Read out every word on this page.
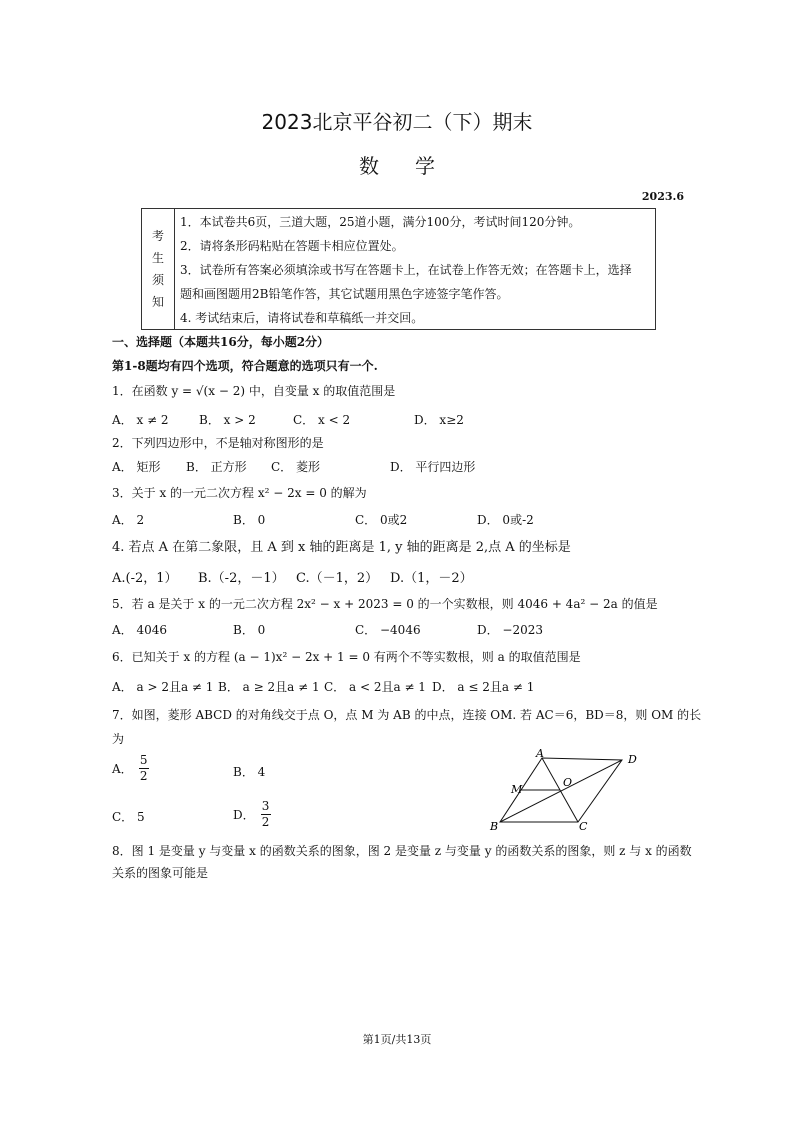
2023北京平谷初二（下）期末
数学
2023.6
考
生
须
知
1．本试卷共6页，三道大题，25道小题，满分100分，考试时间120分钟。
2．请将条形码粘贴在答题卡相应位置处。
3．试卷所有答案必须填涂或书写在答题卡上，在试卷上作答无效；在答题卡上，选择
题和画图题用2B铅笔作答，其它试题用黑色字迹签字笔作答。
4. 考试结束后，请将试卷和草稿纸一并交回。
一、选择题（本题共16分，每小题2分）
第1-8题均有四个选项，符合题意的选项只有一个.
1．在函数 y = √(x − 2) 中，自变量 x 的取值范围是
A． x ≠ 2	B． x > 2	C． x < 2	D． x≥2
2．下列四边形中，不是轴对称图形的是
A． 矩形 B． 正方形 C． 菱形	D． 平行四边形
3．关于 x 的一元二次方程 x² − 2x = 0 的解为
A． 2	B． 0	C． 0或2	D． 0或-2
4. 若点 A 在第二象限，且 A 到 x 轴的距离是 1, y 轴的距离是 2,点 A 的坐标是
A.(-2，1） B.（-2，－1） C.（－1，2） D.（1，－2）
5．若 a 是关于 x 的一元二次方程 2x² − x + 2023 = 0 的一个实数根，则 4046 + 4a² − 2a 的值是
A． 4046	B． 0	C． −4046	D． −2023
6．已知关于 x 的方程 (a − 1)x² − 2x + 1 = 0 有两个不等实数根，则 a 的取值范围是
A． a > 2且a ≠ 1 B． a ≥ 2且a ≠ 1 C． a < 2且a ≠ 1 D． a ≤ 2且a ≠ 1
7．如图，菱形 ABCD 的对角线交于点 O，点 M 为 AB 的中点，连接 OM. 若 AC＝6，BD＝8，则 OM 的长
为
A． $\frac{5}{2}$	B． 4
C． 5	D． $\frac{3}{2}$
A	D
B	C
M
O
8．图 1 是变量 y 与变量 x 的函数关系的图象，图 2 是变量 z 与变量 y 的函数关系的图象，则 z 与 x 的函数
关系的图象可能是
第1页/共13页
